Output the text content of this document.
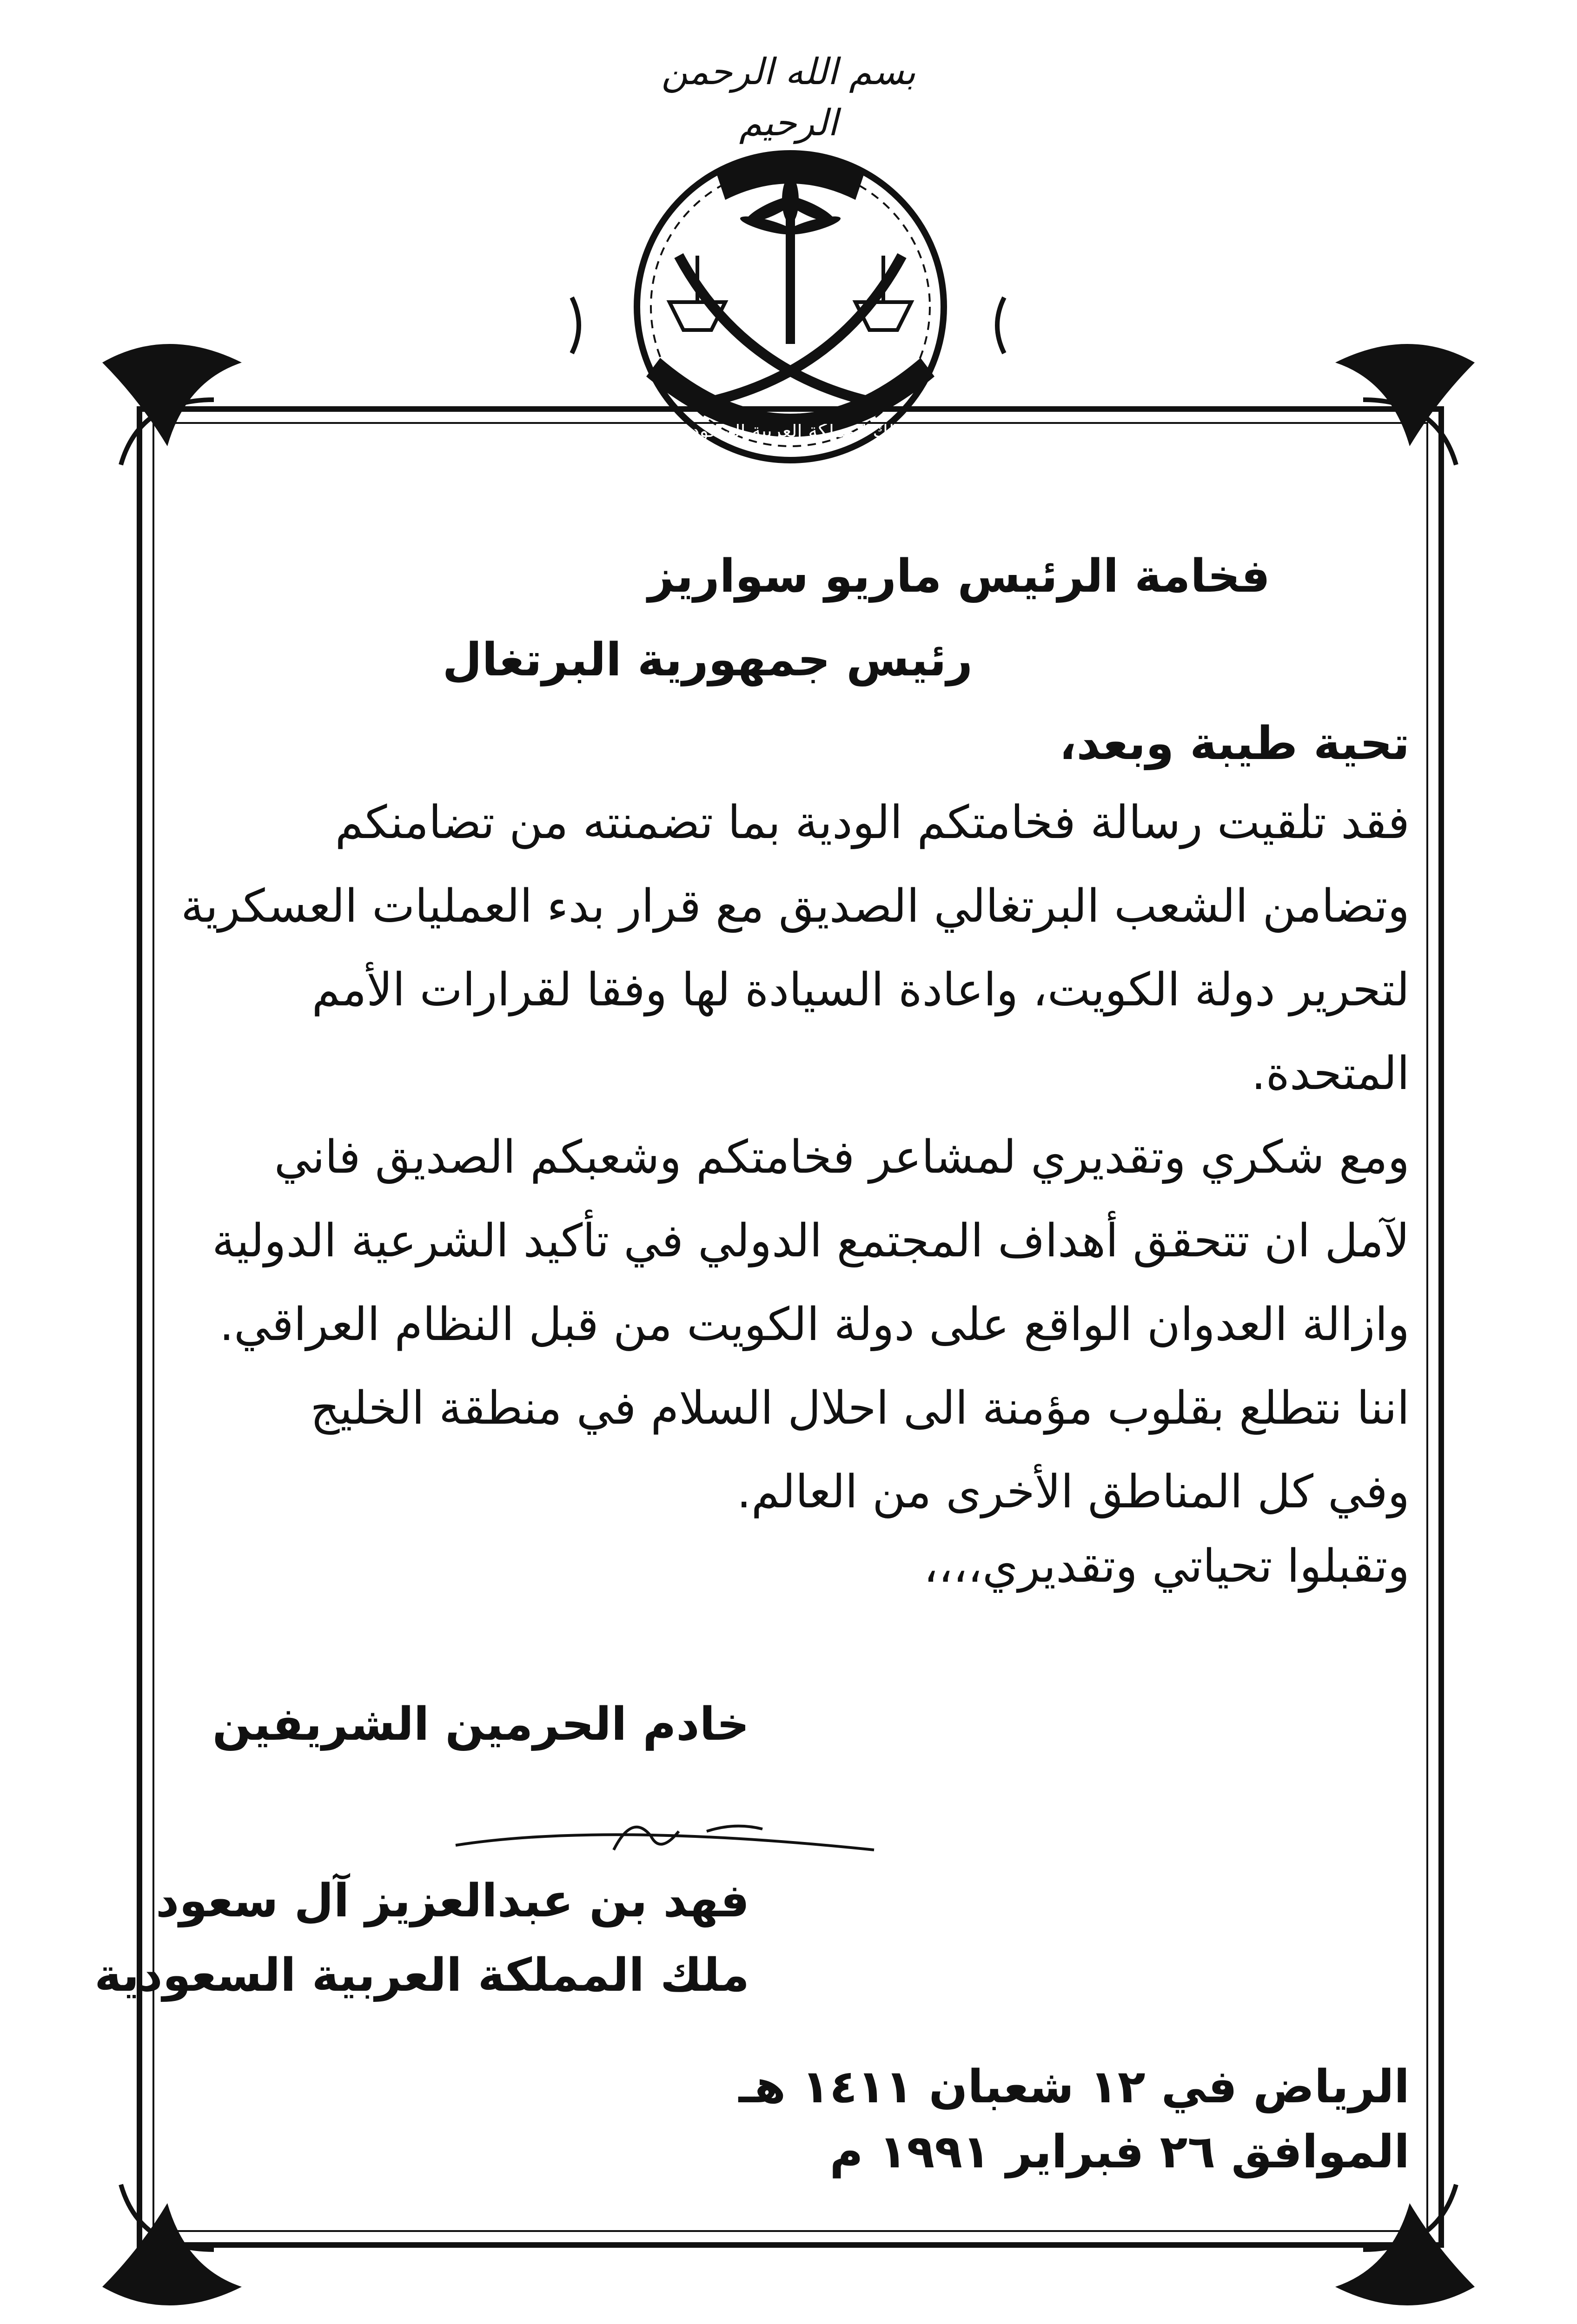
بسم الله الرحمن الرحيم
ملك المملكة العربية السعودية
فخامة الرئيس ماريو سواريز
رئيس جمهورية البرتغال
تحية طيبة وبعد،
فقد تلقيت رسالة فخامتكم الودية بما تضمنته من تضامنكم
وتضامن الشعب البرتغالي الصديق مع قرار بدء العمليات العسكرية
لتحرير دولة الكويت، واعادة السيادة لها وفقا لقرارات الأمم
المتحدة.
ومع شكري وتقديري لمشاعر فخامتكم وشعبكم الصديق فاني
لآمل ان تتحقق أهداف المجتمع الدولي في تأكيد الشرعية الدولية
وازالة العدوان الواقع على دولة الكويت من قبل النظام العراقي.
اننا نتطلع بقلوب مؤمنة الى احلال السلام في منطقة الخليج
وفي كل المناطق الأخرى من العالم.
وتقبلوا تحياتي وتقديري،،،،
خادم الحرمين الشريفين
فهد بن عبدالعزيز آل سعود
ملك المملكة العربية السعودية
الرياض في ١٢ شعبان ١٤١١ هـ
الموافق ٢٦ فبراير ١٩٩١ م
